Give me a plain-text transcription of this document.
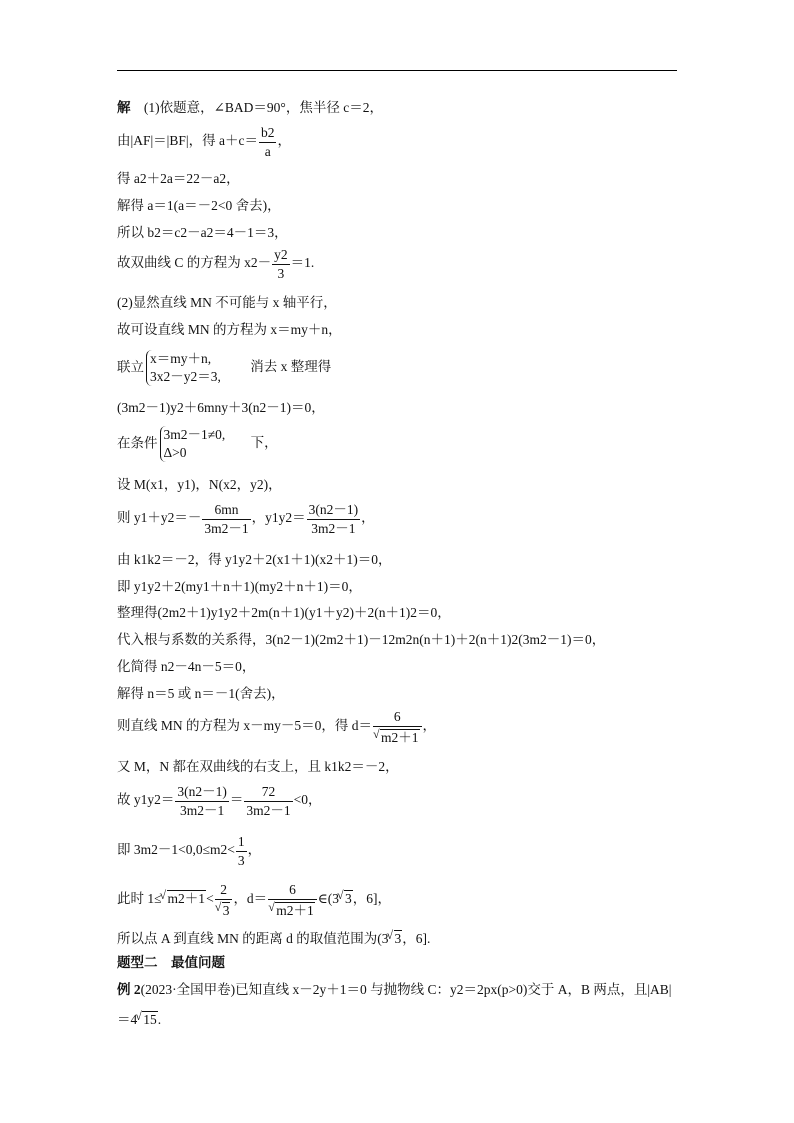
解 (1)依题意，∠BAD＝90°，焦半径 c＝2，
由|AF|＝|BF|，得 $a+c= \frac{b2}{a}$ ，
得 a2＋2a＝22－a2，
解得 a＝1(a＝－2<0 舍去)，
所以 b2＝c2－a2＝4－1＝3，
故双曲线 C 的方程为 $x2- \frac{y2}{3} =1$.
(2)显然直线 MN 不可能与 x 轴平行，
故可设直线 MN 的方程为 x＝my＋n，
联立
x＝my＋n,
3x2－y2＝3,
消去 x 整理得
(3m2－1)y2＋6mny＋3(n2－1)＝0，
在条件
3m2－1≠0,
Δ>0
下，
设 M(x1，y1)，N(x2，y2)，
则 $y1+y2=- \frac{6mn}{3m2-1}$ ，$y1y2= \frac{3(n2-1)}{3m2-1}$ ，
由 k1k2＝－2，得 y1y2＋2(x1＋1)(x2＋1)＝0，
即 y1y2＋2(my1＋n＋1)(my2＋n＋1)＝0，
整理得(2m2＋1)y1y2＋2m(n＋1)(y1＋y2)＋2(n＋1)2＝0，
代入根与系数的关系得，3(n2－1)(2m2＋1)－12m2n(n＋1)＋2(n＋1)2(3m2－1)＝0，
化简得 n2－4n－5＝0，
解得 n＝5 或 n＝－1(舍去)，
则直线 MN 的方程为 x－my－5＝0，得 d＝ 6
√ m2＋1 ，
又 M，N 都在双曲线的右支上，且 k1k2＝－2，
故 $y1y2= \frac{3(n2-1)}{3m2-1} = \frac{72}{3m2-1} <0$，
即 $3m2-1<0,0\le m2< \frac{1}{3}$ ，
此时 1≤ √ m2＋1< 2
√ 3 ，d＝ 6
√ m2＋1 ∈(3 √ 3，6]，
所以点 A 到直线 MN 的距离 d 的取值范围为(3 √ 3，6].
题型二　最值问题
例 2(2023·全国甲卷)已知直线 x－2y＋1＝0 与抛物线 C：y2＝2px(p>0)交于 A，B 两点，且|AB|
＝4 √ 15.
